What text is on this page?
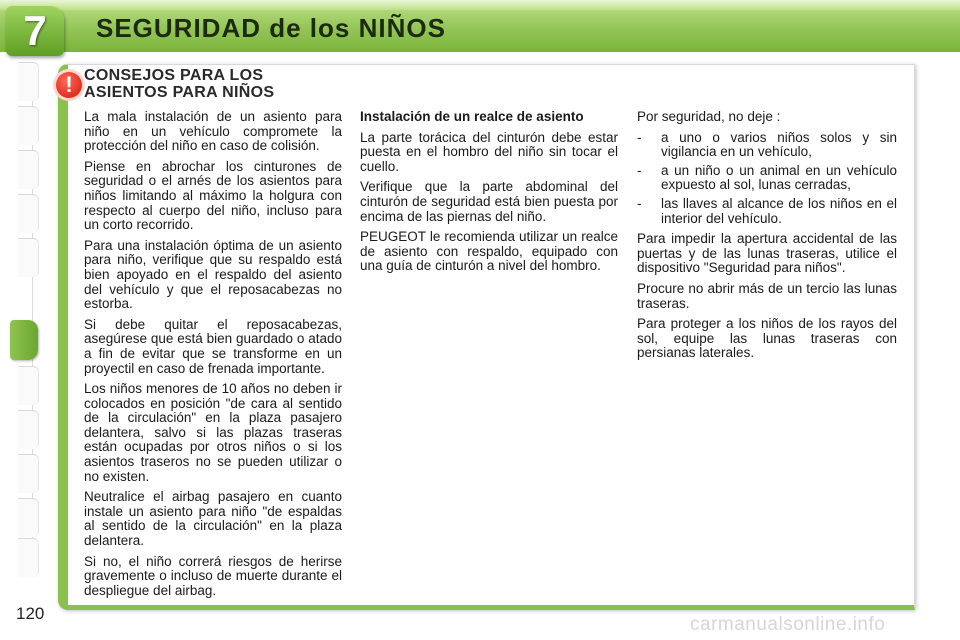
7	SEGURIDAD de los NIÑOS
! CONSEJOS PARA LOS ASIENTOS PARA NIÑOS

La mala instalación de un asiento para niño en un vehículo compromete la protección del niño en caso de colisión.

Piense en abrochar los cinturones de seguridad o el arnés de los asientos para niños limitando al máximo la holgura con respecto al cuerpo del niño, incluso para un corto recorrido.

Para una instalación óptima de un asiento para niño, verifique que su respaldo está bien apoyado en el respaldo del asiento del vehículo y que el reposacabezas no estorba.

Si debe quitar el reposacabezas, asegúrese que está bien guardado o atado a fin de evitar que se transforme en un proyectil en caso de frenada importante.

Los niños menores de 10 años no deben ir colocados en posición "de cara al sentido de la circulación" en la plaza pasajero delantera, salvo si las plazas traseras están ocupadas por otros niños o si los asientos traseros no se pueden utilizar o no existen.

Neutralice el airbag pasajero en cuanto instale un asiento para niño "de espaldas al sentido de la circulación" en la plaza delantera.

Si no, el niño correrá riesgos de herirse gravemente o incluso de muerte durante el despliegue del airbag.

Instalación de un realce de asiento

La parte torácica del cinturón debe estar puesta en el hombro del niño sin tocar el cuello.

Verifique que la parte abdominal del cinturón de seguridad está bien puesta por encima de las piernas del niño.

PEUGEOT le recomienda utilizar un realce de asiento con respaldo, equipado con una guía de cinturón a nivel del hombro.

Por seguridad, no deje :

-	a uno o varios niños solos y sin vigilancia en un vehículo,
-	a un niño o un animal en un vehículo expuesto al sol, lunas cerradas,
-	las llaves al alcance de los niños en el interior del vehículo.

Para impedir la apertura accidental de las puertas y de las lunas traseras, utilice el dispositivo "Seguridad para niños".

Procure no abrir más de un tercio las lunas traseras.

Para proteger a los niños de los rayos del sol, equipe las lunas traseras con persianas laterales.

120
carmanualsonline.info
